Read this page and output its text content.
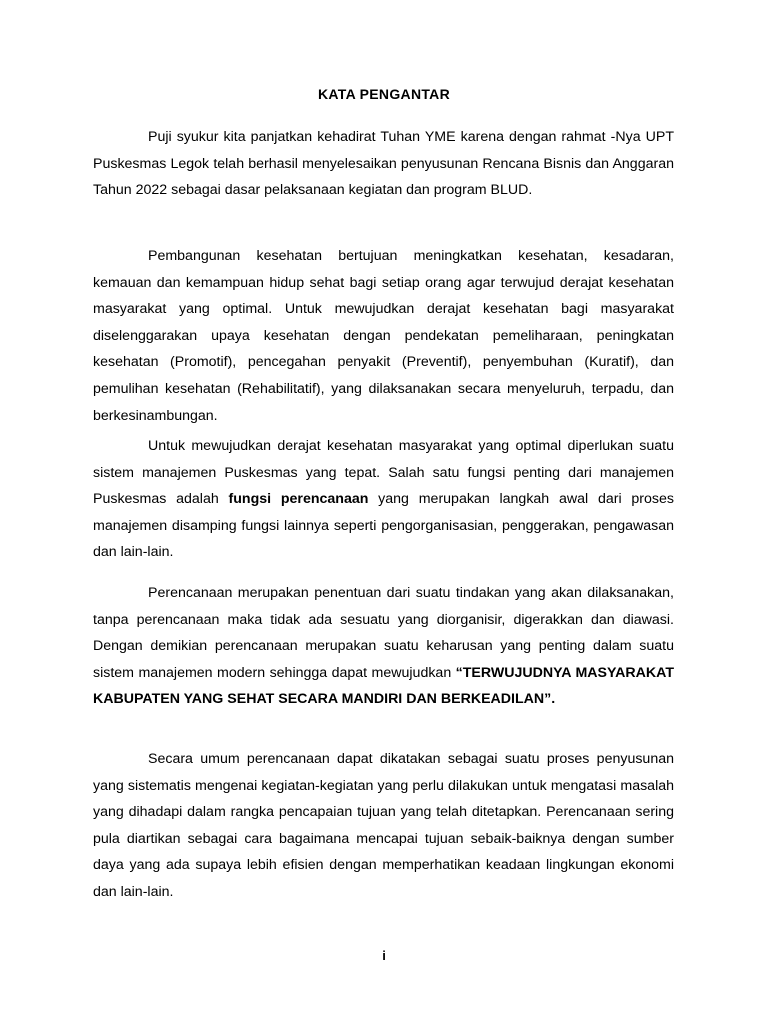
KATA PENGANTAR

Puji syukur kita panjatkan kehadirat Tuhan YME karena dengan rahmat -Nya UPT Puskesmas Legok telah berhasil menyelesaikan penyusunan Rencana Bisnis dan Anggaran Tahun 2022 sebagai dasar pelaksanaan kegiatan dan program BLUD.

Pembangunan kesehatan bertujuan meningkatkan kesehatan, kesadaran, kemauan dan kemampuan hidup sehat bagi setiap orang agar terwujud derajat kesehatan masyarakat yang optimal. Untuk mewujudkan derajat kesehatan bagi masyarakat diselenggarakan upaya kesehatan dengan pendekatan pemeliharaan, peningkatan kesehatan (Promotif), pencegahan penyakit (Preventif), penyembuhan (Kuratif), dan pemulihan kesehatan (Rehabilitatif), yang dilaksanakan secara menyeluruh, terpadu, dan berkesinambungan.

Untuk mewujudkan derajat kesehatan masyarakat yang optimal diperlukan suatu sistem manajemen Puskesmas yang tepat. Salah satu fungsi penting dari manajemen Puskesmas adalah fungsi perencanaan yang merupakan langkah awal dari proses manajemen disamping fungsi lainnya seperti pengorganisasian, penggerakan, pengawasan dan lain-lain.

Perencanaan merupakan penentuan dari suatu tindakan yang akan dilaksanakan, tanpa perencanaan maka tidak ada sesuatu yang diorganisir, digerakkan dan diawasi. Dengan demikian perencanaan merupakan suatu keharusan yang penting dalam suatu sistem manajemen modern sehingga dapat mewujudkan “TERWUJUDNYA MASYARAKAT KABUPATEN YANG SEHAT SECARA MANDIRI DAN BERKEADILAN”.

Secara umum perencanaan dapat dikatakan sebagai suatu proses penyusunan yang sistematis mengenai kegiatan-kegiatan yang perlu dilakukan untuk mengatasi masalah yang dihadapi dalam rangka pencapaian tujuan yang telah ditetapkan. Perencanaan sering pula diartikan sebagai cara bagaimana mencapai tujuan sebaik-baiknya dengan sumber daya yang ada supaya lebih efisien dengan memperhatikan keadaan lingkungan ekonomi dan lain-lain.

i
